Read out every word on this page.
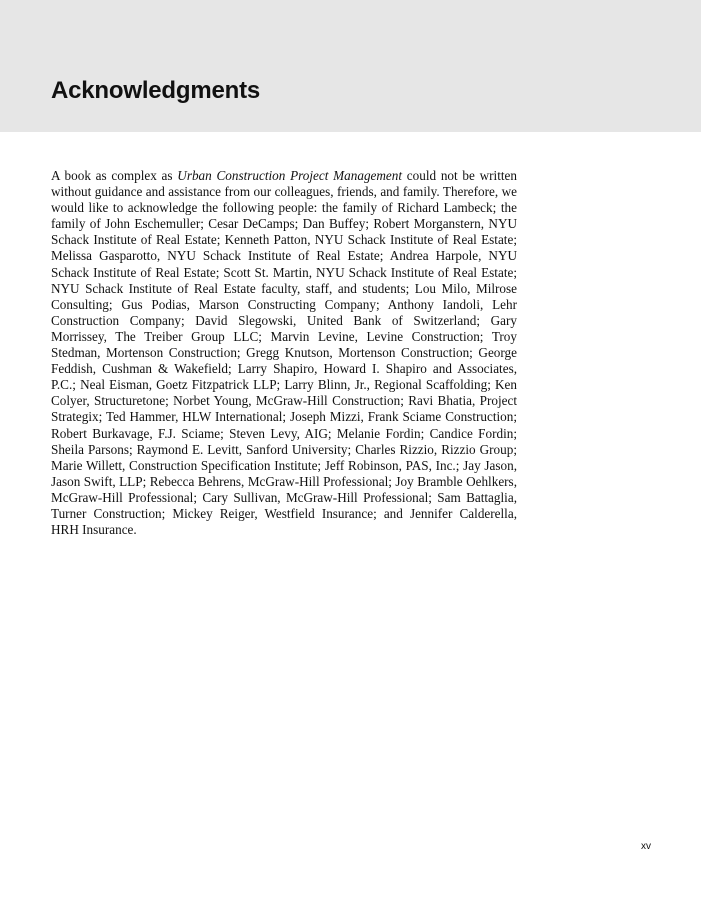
Acknowledgments

A book as complex as Urban Construction Project Management could not be written without guidance and assistance from our colleagues, friends, and family. Therefore, we would like to acknowledge the following people: the family of Richard Lambeck; the family of John Eschemuller; Cesar DeCamps; Dan Buffey; Robert Morganstern, NYU Schack Institute of Real Estate; Kenneth Patton, NYU Schack Institute of Real Estate; Melissa Gasparotto, NYU Schack Institute of Real Estate; Andrea Harpole, NYU Schack Institute of Real Estate; Scott St. Martin, NYU Schack Institute of Real Estate; NYU Schack Institute of Real Estate faculty, staff, and students; Lou Milo, Milrose Consulting; Gus Podias, Marson Constructing Company; Anthony Iandoli, Lehr Construction Company; David Slegowski, United Bank of Switzerland; Gary Morrissey, The Treiber Group LLC; Marvin Levine, Levine Construction; Troy Stedman, Mortenson Construction; Gregg Knutson, Mortenson Construction; George Feddish, Cushman & Wakefield; Larry Shapiro, Howard I. Shapiro and Associates, P.C.; Neal Eisman, Goetz Fitzpatrick LLP; Larry Blinn, Jr., Regional Scaffolding; Ken Colyer, Structuretone; Norbet Young, McGraw-Hill Construction; Ravi Bhatia, Project Strategix; Ted Hammer, HLW International; Joseph Mizzi, Frank Sciame Construction; Robert Burkavage, F.J. Sciame; Steven Levy, AIG; Melanie Fordin; Candice Fordin; Sheila Parsons; Raymond E. Levitt, Sanford University; Charles Rizzio, Rizzio Group; Marie Willett, Construction Specification Institute; Jeff Robinson, PAS, Inc.; Jay Jason, Jason Swift, LLP; Rebecca Behrens, McGraw-Hill Professional; Joy Bramble Oehlkers, McGraw-Hill Professional; Cary Sullivan, McGraw-Hill Professional; Sam Battaglia, Turner Construction; Mickey Reiger, Westfield Insurance; and Jennifer Calderella, HRH Insurance.

xv
